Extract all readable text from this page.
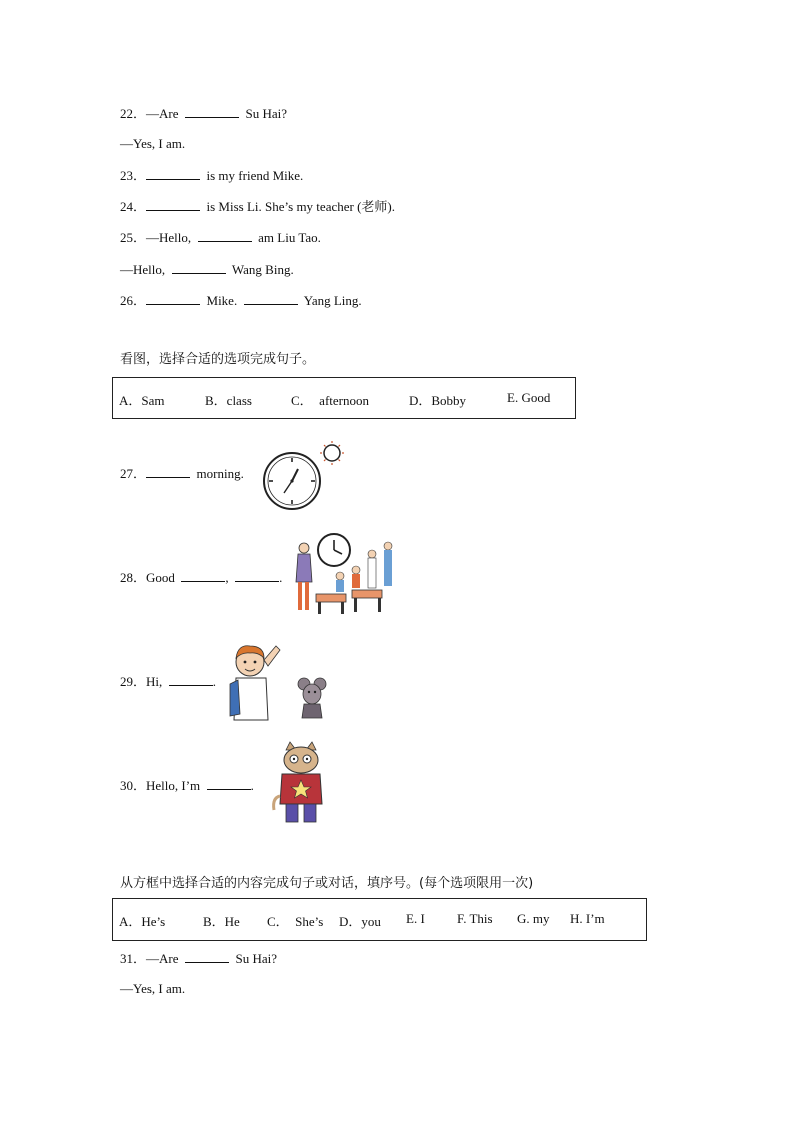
22．—Are	Su Hai?
—Yes, I am.
23．	is my friend Mike.
24．	is Miss Li. She’s my teacher (老师).
25．—Hello,	am Liu Tao.
—Hello,	Wang Bing.
26．	Mike.	Yang Ling.
看图，选择合适的选项完成句子。
A．Sam	B．class	C．  afternoon	D．Bobby	E. Good
27．	morning.
28．Good	,	.
29．Hi,	.
30．Hello, I’m	.
从方框中选择合适的内容完成句子或对话，填序号。(每个选项限用一次)
A．He’s	B．He C．  She’s D．you E. I F. This G. my H. I’m
31．—Are	Su Hai?
—Yes, I am.
